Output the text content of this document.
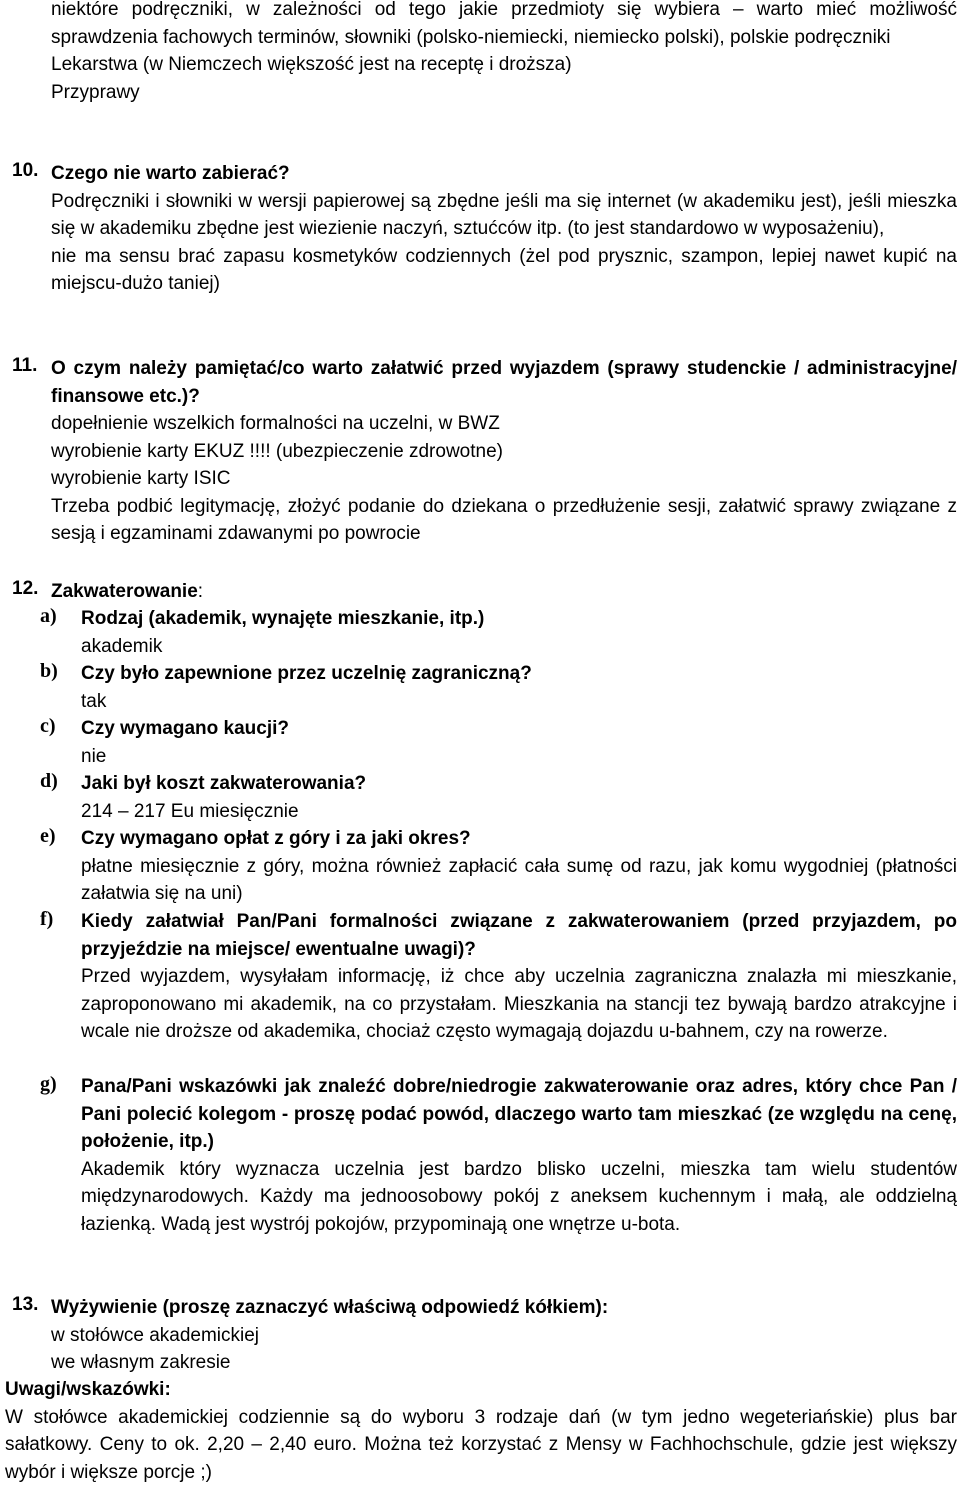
niektóre podręczniki, w zależności od tego jakie przedmioty się wybiera – warto mieć możliwość sprawdzenia fachowych terminów, słowniki (polsko-niemiecki, niemiecko polski), polskie podręczniki

Lekarstwa (w Niemczech większość jest na receptę i droższa)

Przyprawy

10. Czego nie warto zabierać?

Podręczniki i słowniki w wersji papierowej są zbędne jeśli ma się internet (w akademiku jest), jeśli mieszka się w akademiku zbędne jest wiezienie naczyń, sztućców itp. (to jest standardowo w wyposażeniu),

nie ma sensu brać zapasu kosmetyków codziennych (żel pod prysznic, szampon, lepiej nawet kupić na miejscu-dużo taniej)

11. O czym należy pamiętać/co warto załatwić przed wyjazdem (sprawy studenckie / administracyjne/ finansowe etc.)?

dopełnienie wszelkich formalności na uczelni, w BWZ

wyrobienie karty EKUZ !!!! (ubezpieczenie zdrowotne)

wyrobienie karty ISIC

Trzeba podbić legitymację, złożyć podanie do dziekana o przedłużenie sesji, załatwić sprawy związane z sesją i egzaminami zdawanymi po powrocie

12. Zakwaterowanie:

a) Rodzaj (akademik, wynajęte mieszkanie, itp.)

akademik

b) Czy było zapewnione przez uczelnię zagraniczną?

tak

c) Czy wymagano kaucji?

nie

d) Jaki był koszt zakwaterowania?

214 – 217 Eu miesięcznie

e) Czy wymagano opłat z góry i za jaki okres?

płatne miesięcznie z góry, można również zapłacić cała sumę od razu, jak komu wygodniej (płatności załatwia się na uni)

f) Kiedy załatwiał Pan/Pani formalności związane z zakwaterowaniem (przed przyjazdem, po przyjeździe na miejsce/ ewentualne uwagi)?

Przed wyjazdem, wysyłałam informację, iż chce aby uczelnia zagraniczna znalazła mi mieszkanie, zaproponowano mi akademik, na co przystałam. Mieszkania na stancji tez bywają bardzo atrakcyjne i wcale nie droższe od akademika, chociaż często wymagają dojazdu u-bahnem, czy na rowerze.

g) Pana/Pani wskazówki jak znaleźć dobre/niedrogie zakwaterowanie oraz adres, który chce Pan / Pani polecić kolegom - proszę podać powód, dlaczego warto tam mieszkać (ze względu na cenę, położenie, itp.)

Akademik który wyznacza uczelnia jest bardzo blisko uczelni, mieszka tam wielu studentów międzynarodowych. Każdy ma jednoosobowy pokój z aneksem kuchennym i małą, ale oddzielną łazienką. Wadą jest wystrój pokojów, przypominają one wnętrze u-bota.

13. Wyżywienie (proszę zaznaczyć właściwą odpowiedź kółkiem):

w stołówce akademickiej

we własnym zakresie

Uwagi/wskazówki:

W stołówce akademickiej codziennie są do wyboru 3 rodzaje dań (w tym jedno wegeteriańskie) plus bar sałatkowy. Ceny to ok. 2,20 – 2,40 euro. Można też korzystać z Mensy w Fachhochschule, gdzie jest większy wybór i większe porcje ;)
